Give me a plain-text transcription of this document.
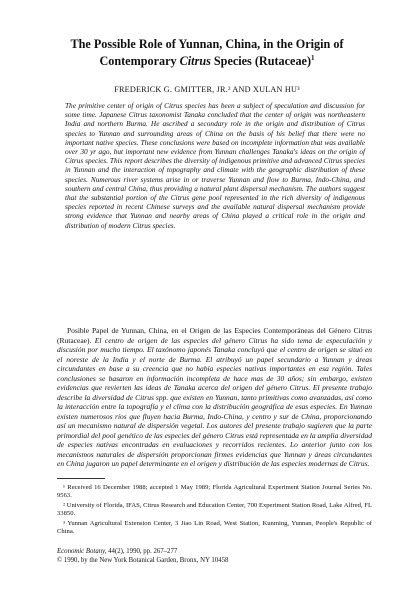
The Possible Role of Yunnan, China, in the Origin of
Contemporary Citrus Species (Rutaceae)$^1$
FREDERICK G. GMITTER, JR.² AND XULAN HU³

The primitive center of origin of Citrus species has been a subject of speculation and discussion for some time. Japanese Citrus taxonomist Tanaka concluded that the center of origin was northeastern India and northern Burma. He ascribed a secondary role in the origin and distribution of Citrus species to Yunnan and surrounding areas of China on the basis of his belief that there were no important native species. These conclusions were based on incomplete information that was available over 30 yr ago, but important new evidence from Yunnan challenges Tanaka's ideas on the origin of Citrus species. This report describes the diversity of indigenous primitive and advanced Citrus species in Yunnan and the interaction of topography and climate with the geographic distribution of these species. Numerous river systems arise in or traverse Yunnan and flow to Burma, Indo-China, and southern and central China, thus providing a natural plant dispersal mechanism. The authors suggest that the substantial portion of the Citrus gene pool represented in the rich diversity of indigenous species reported in recent Chinese surveys and the available natural dispersal mechanism provide strong evidence that Yunnan and nearby areas of China played a critical role in the origin and distribution of modern Citrus species.

Posible Papel de Yunnan, China, en el Origen de las Especies Contemporáneas del Género Citrus (Rutaceae). El centro de origen de las especies del género Citrus ha sido tema de especulación y discusión por mucho tiempo. El taxónomo japonés Tanaka concluyó que el centro de origen se situó en el noreste de la India y el norte de Burma. El atribuyó un papel secundario a Yunnan y áreas circundantes en base a su creencia que no había especies nativas importantes en esa región. Tales conclusiones se basaron en información incompleta de hace mas de 30 años; sin embargo, existen evidencias que revierten las ideas de Tanaka acerca del origen del género Citrus. El presente trabajo describe la diversidad de Citrus spp. que existen en Yunnan, tanto primitivas como avanzadas, así como la interacción entre la topografía y el clima con la distribución geográfica de esas especies. En Yunnan existen numerosos ríos que fluyen hacia Burma, Indo-China, y centro y sur de China, proporcionando así un mecanismo natural de dispersión vegetal. Los autores del presente trabajo sugieren que la parte primordial del pool genético de las especies del género Citrus está representada en la amplia diversidad de especies nativas encontradas en evaluaciones y recorridos recientes. Lo anterior junto con los mecanismos naturales de dispersión proporcionan firmes evidencias que Yunnan y áreas circundantes en China jugaron un papel determinante en el origen y distribución de las especies modernas de Citrus.

¹ Received 16 December 1988; accepted 1 May 1989; Florida Agricultural Experiment Station Journal Series No. 9563.

² University of Florida, IFAS, Citrus Research and Education Center, 700 Experiment Station Road, Lake Alfred, FL 33850.

³ Yunnan Agricultural Extension Center, 3 Jiao Lin Road, West Station, Kunming, Yunnan, People's Republic of China.

Economic Botany, 44(2), 1990, pp. 267–277
© 1990, by the New York Botanical Garden, Bronx, NY 10458
